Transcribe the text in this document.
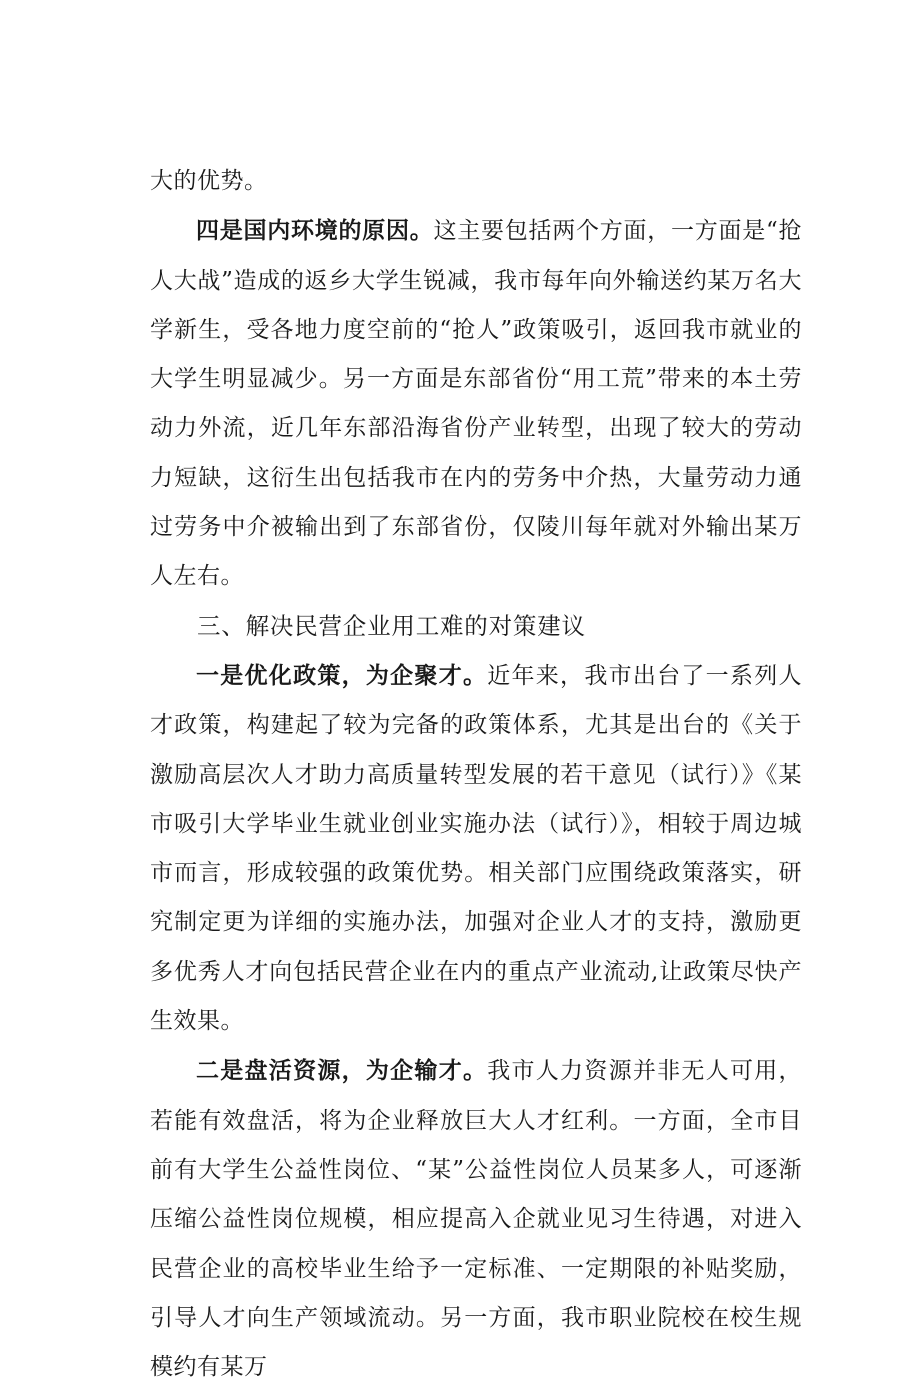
大的优势。

四是国内环境的原因。这主要包括两个方面，一方面是“抢人大战”造成的返乡大学生锐减，我市每年向外输送约某万名大学新生，受各地力度空前的“抢人”政策吸引，返回我市就业的大学生明显减少。另一方面是东部省份“用工荒”带来的本土劳动力外流，近几年东部沿海省份产业转型，出现了较大的劳动力短缺，这衍生出包括我市在内的劳务中介热，大量劳动力通过劳务中介被输出到了东部省份，仅陵川每年就对外输出某万人左右。

三、解决民营企业用工难的对策建议

一是优化政策，为企聚才。近年来，我市出台了一系列人才政策，构建起了较为完备的政策体系，尤其是出台的《关于激励高层次人才助力高质量转型发展的若干意见（试行）》《某市吸引大学毕业生就业创业实施办法（试行）》，相较于周边城市而言，形成较强的政策优势。相关部门应围绕政策落实，研究制定更为详细的实施办法，加强对企业人才的支持，激励更多优秀人才向包括民营企业在内的重点产业流动,让政策尽快产生效果。

二是盘活资源，为企输才。我市人力资源并非无人可用，若能有效盘活，将为企业释放巨大人才红利。一方面，全市目前有大学生公益性岗位、“某”公益性岗位人员某多人，可逐渐压缩公益性岗位规模，相应提高入企就业见习生待遇，对进入民营企业的高校毕业生给予一定标准、一定期限的补贴奖励，引导人才向生产领域流动。另一方面，我市职业院校在校生规模约有某万
